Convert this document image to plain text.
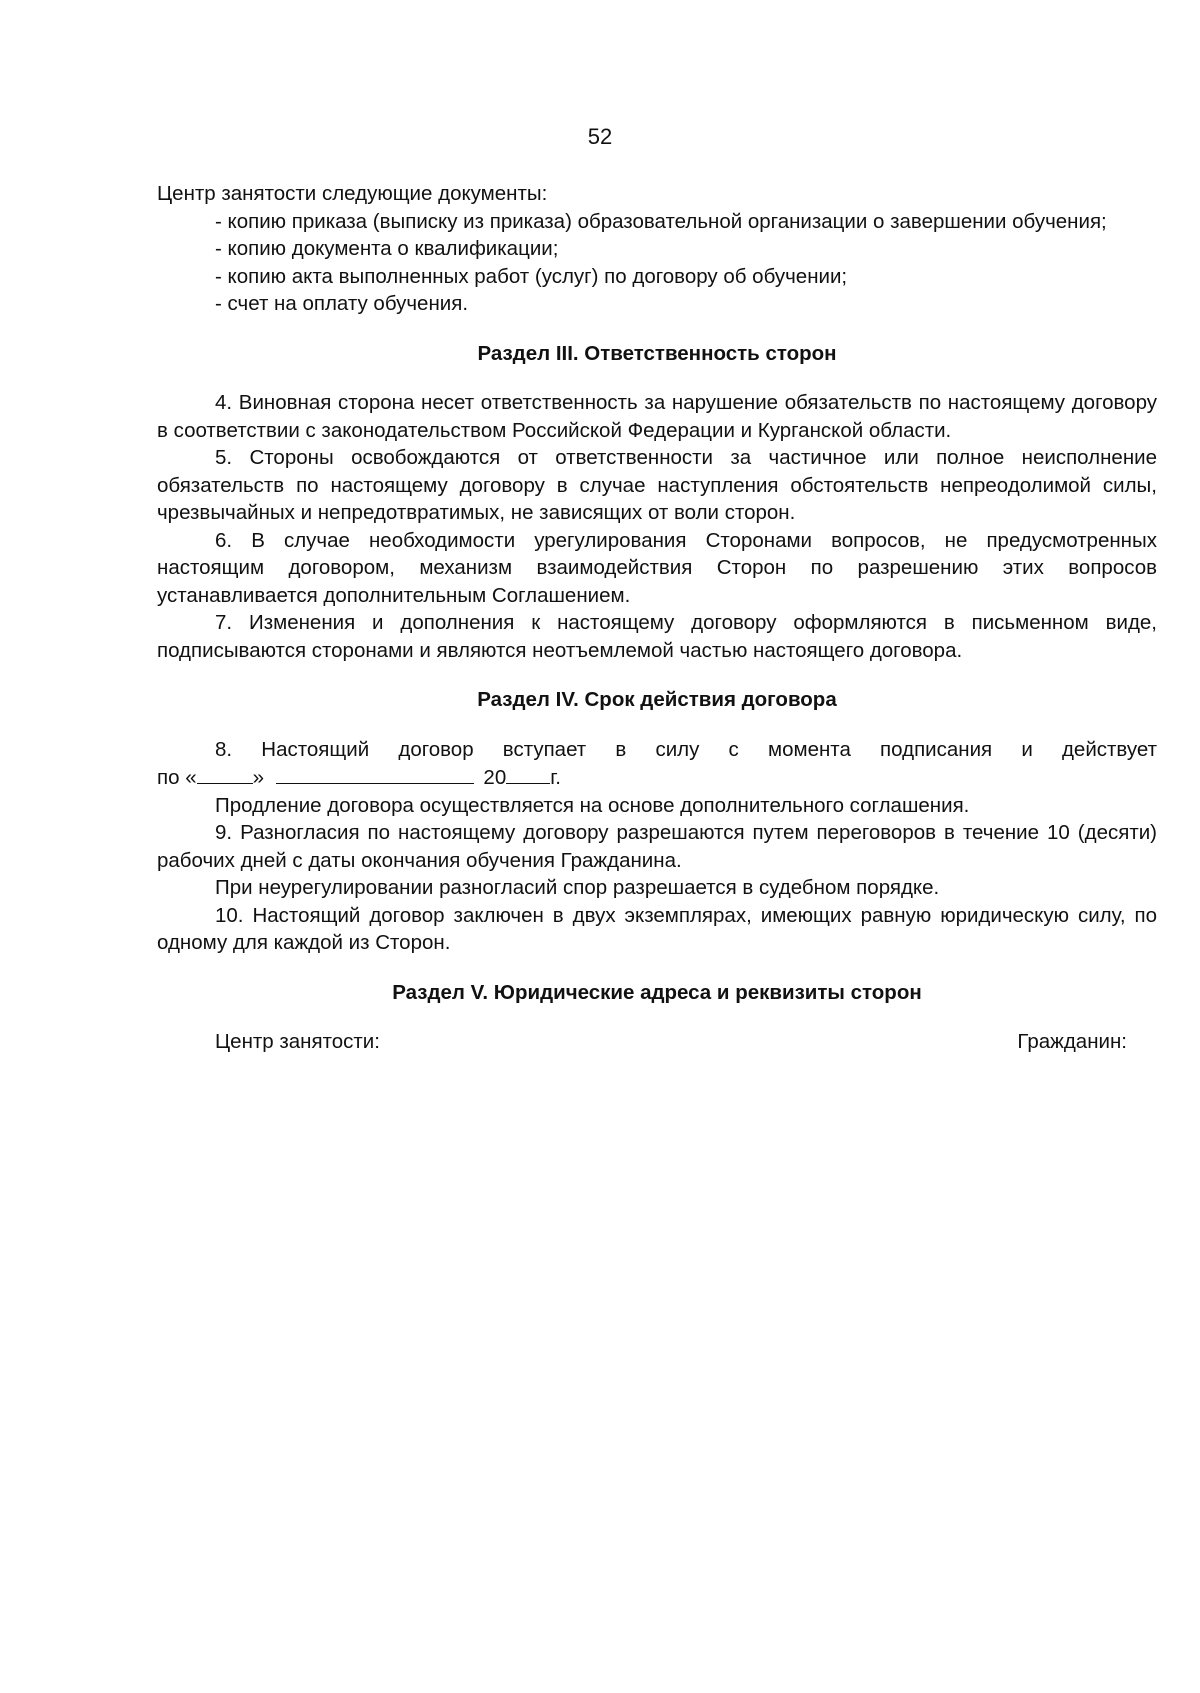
52

Центр занятости следующие документы:

- копию приказа (выписку из приказа) образовательной организации о завершении обучения;

- копию документа о квалификации;

- копию акта выполненных работ (услуг) по договору об обучении;

- счет на оплату обучения.

Раздел III. Ответственность сторон

4. Виновная сторона несет ответственность за нарушение обязательств по настоящему договору в соответствии с законодательством Российской Федерации и Курганской области.

5. Стороны освобождаются от ответственности за частичное или полное неисполнение обязательств по настоящему договору в случае наступления обстоятельств непреодолимой силы, чрезвычайных и непредотвратимых, не зависящих от воли сторон.

6. В случае необходимости урегулирования Сторонами вопросов, не предусмотренных настоящим договором, механизм взаимодействия Сторон по разрешению этих вопросов устанавливается дополнительным Соглашением.

7. Изменения и дополнения к настоящему договору оформляются в письменном виде, подписываются сторонами и являются неотъемлемой частью настоящего договора.

Раздел IV. Срок действия договора

8. Настоящий договор вступает в силу с момента подписания и действует

по «	»	20 г.

Продление договора осуществляется на основе дополнительного соглашения.

9. Разногласия по настоящему договору разрешаются путем переговоров в течение 10 (десяти) рабочих дней с даты окончания обучения Гражданина.

При неурегулировании разногласий спор разрешается в судебном порядке.

10. Настоящий договор заключен в двух экземплярах, имеющих равную юридическую силу, по одному для каждой из Сторон.

Раздел V. Юридические адреса и реквизиты сторон

Центр занятости:	Гражданин:
